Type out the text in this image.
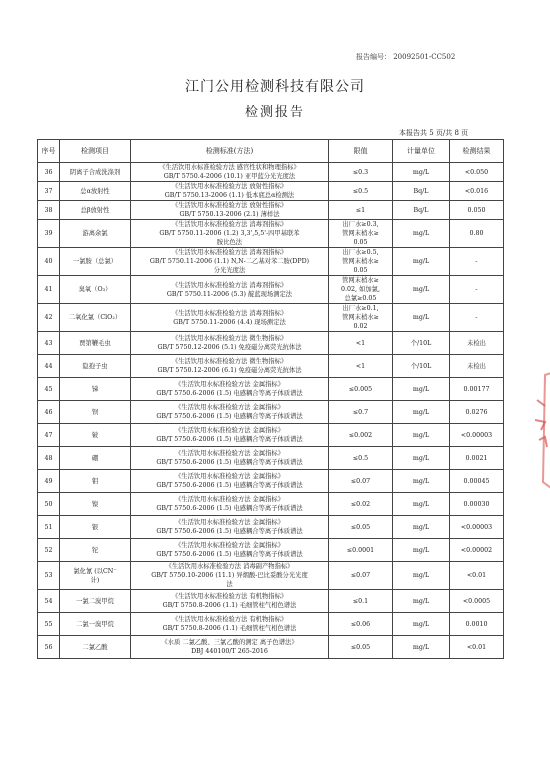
报告编号： 20092501-CC502
江门公用检测科技有限公司
检测报告
本报告共 5 页/共 8 页
序号	检测项目	检测标准(方法)	限值	计量单位	检测结果
36	阴离子合成洗涤剂	《生活饮用水标准检验方法 感官性状和物理指标》
GB/T 5750.4-2006 (10.1) 亚甲蓝分光光度法	≤0.3	mg/L	<0.050
37	总α放射性	《生活饮用水标准检验方法 放射性指标》
GB/T 5750.13-2006 (1.1) 低本底总α检测法	≤0.5	Bq/L	<0.016
38	总β放射性	《生活饮用水标准检验方法 放射性指标》
GB/T 5750.13-2006 (2.1) 薄样法	≤1	Bq/L	0.050
39	游离余氯	《生活饮用水标准检验方法 消毒剂指标》
GB/T 5750.11-2006 (1.2) 3,3',5,5'-四甲基联苯
胺比色法	出厂水≥0.3,
管网末梢水≥
0.05	mg/L	0.80
40	一氯胺（总氯）	《生活饮用水标准检验方法 消毒剂指标》
GB/T 5750.11-2006 (1.1) N,N-二乙基对苯二胺(DPD)
分光光度法	出厂水≥0.5,
管网末梢水≥
0.05	mg/L	-
41	臭氧（O₃）	《生活饮用水标准检验方法 消毒剂指标》
GB/T 5750.11-2006 (5.3) 靛蓝现场测定法	管网末梢水≥
0.02, 如加氯,
总氯≥0.05	mg/L	-
42	二氧化氯（ClO₂）	《生活饮用水标准检验方法 消毒剂指标》
GB/T 5750.11-2006 (4.4) 现场测定法	出厂水≥0.1,
管网末梢水≥
0.02	mg/L	-
43	贾第鞭毛虫	《生活饮用水标准检验方法 微生物指标》
GB/T 5750.12-2006 (5.1) 免疫磁分离荧光抗体法	<1	个/10L	未检出
44	隐孢子虫	《生活饮用水标准检验方法 微生物指标》
GB/T 5750.12-2006 (6.1) 免疫磁分离荧光抗体法	<1	个/10L	未检出
45	锑	《生活饮用水标准检验方法 金属指标》
GB/T 5750.6-2006 (1.5) 电感耦合等离子体质谱法	≤0.005	mg/L	0.00177
46	钡	《生活饮用水标准检验方法 金属指标》
GB/T 5750.6-2006 (1.5) 电感耦合等离子体质谱法	≤0.7	mg/L	0.0276
47	铍	《生活饮用水标准检验方法 金属指标》
GB/T 5750.6-2006 (1.5) 电感耦合等离子体质谱法	≤0.002	mg/L	<0.00003
48	硼	《生活饮用水标准检验方法 金属指标》
GB/T 5750.6-2006 (1.5) 电感耦合等离子体质谱法	≤0.5	mg/L	0.0021
49	钼	《生活饮用水标准检验方法 金属指标》
GB/T 5750.6-2006 (1.5) 电感耦合等离子体质谱法	≤0.07	mg/L	0.00045
50	镍	《生活饮用水标准检验方法 金属指标》
GB/T 5750.6-2006 (1.5) 电感耦合等离子体质谱法	≤0.02	mg/L	0.00030
51	银	《生活饮用水标准检验方法 金属指标》
GB/T 5750.6-2006 (1.5) 电感耦合等离子体质谱法	≤0.05	mg/L	<0.00003
52	铊	《生活饮用水标准检验方法 金属指标》
GB/T 5750.6-2006 (1.5) 电感耦合等离子体质谱法	≤0.0001	mg/L	<0.00002
53	氯化氰 (以CN⁻
计)	《生活饮用水标准检验方法 消毒副产物指标》
GB/T 5750.10-2006 (11.1) 异烟酸-巴比妥酸分光光度
法	≤0.07	mg/L	<0.01
54	一氯二溴甲烷	《生活饮用水标准检验方法 有机物指标》
GB/T 5750.8-2006 (1.1) 毛细管柱气相色谱法	≤0.1	mg/L	<0.0005
55	二氯一溴甲烷	《生活饮用水标准检验方法 有机物指标》
GB/T 5750.8-2006 (1.1) 毛细管柱气相色谱法	≤0.06	mg/L	0.0010
56	二氯乙酸	《水质 二氯乙酸、三氯乙酸的测定 离子色谱法》
DBJ 440100/T 265-2016	≤0.05	mg/L	<0.01
